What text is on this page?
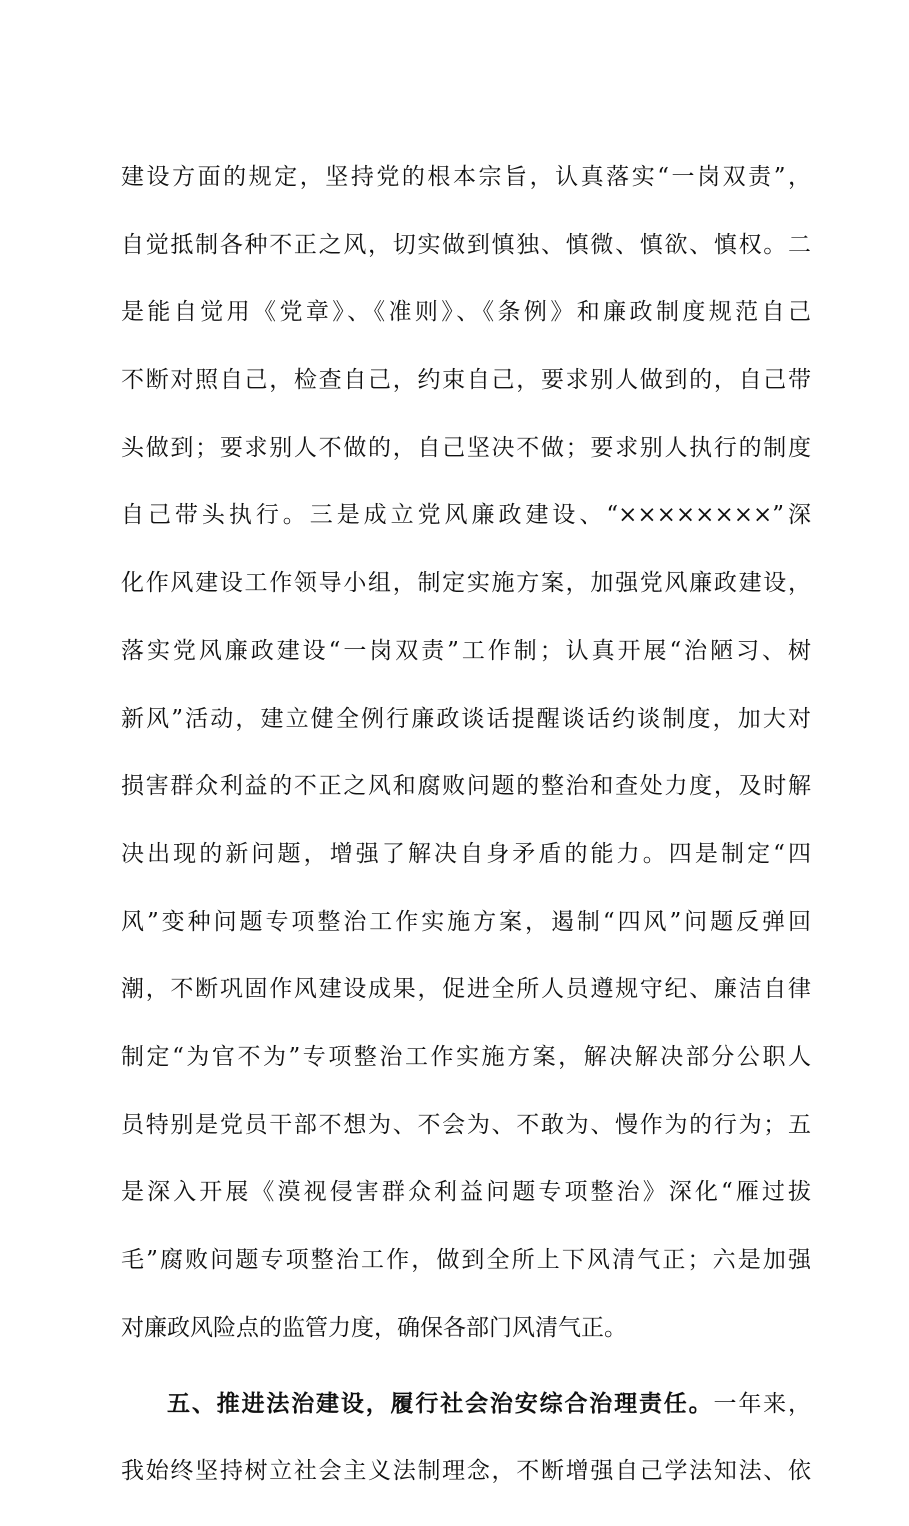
建设方面的规定，坚持党的根本宗旨，认真落实“一岗双责”，
自觉抵制各种不正之风，切实做到慎独、慎微、慎欲、慎权。二
是能自觉用《党章》、《准则》、《条例》和廉政制度规范自己
不断对照自己，检查自己，约束自己，要求别人做到的，自己带
头做到；要求别人不做的，自己坚决不做；要求别人执行的制度
自己带头执行。三是成立党风廉政建设、“××××××××”深
化作风建设工作领导小组，制定实施方案，加强党风廉政建设，
落实党风廉政建设“一岗双责”工作制；认真开展“治陋习、树
新风”活动，建立健全例行廉政谈话提醒谈话约谈制度，加大对
损害群众利益的不正之风和腐败问题的整治和查处力度，及时解
决出现的新问题，增强了解决自身矛盾的能力。四是制定“四
风”变种问题专项整治工作实施方案，遏制“四风”问题反弹回
潮，不断巩固作风建设成果，促进全所人员遵规守纪、廉洁自律
制定“为官不为”专项整治工作实施方案，解决解决部分公职人
员特别是党员干部不想为、不会为、不敢为、慢作为的行为；五
是深入开展《漠视侵害群众利益问题专项整治》深化“雁过拔
毛”腐败问题专项整治工作，做到全所上下风清气正；六是加强
对廉政风险点的监管力度，确保各部门风清气正。
五、推进法治建设，履行社会治安综合治理责任。一年来，
我始终坚持树立社会主义法制理念，不断增强自己学法知法、依
